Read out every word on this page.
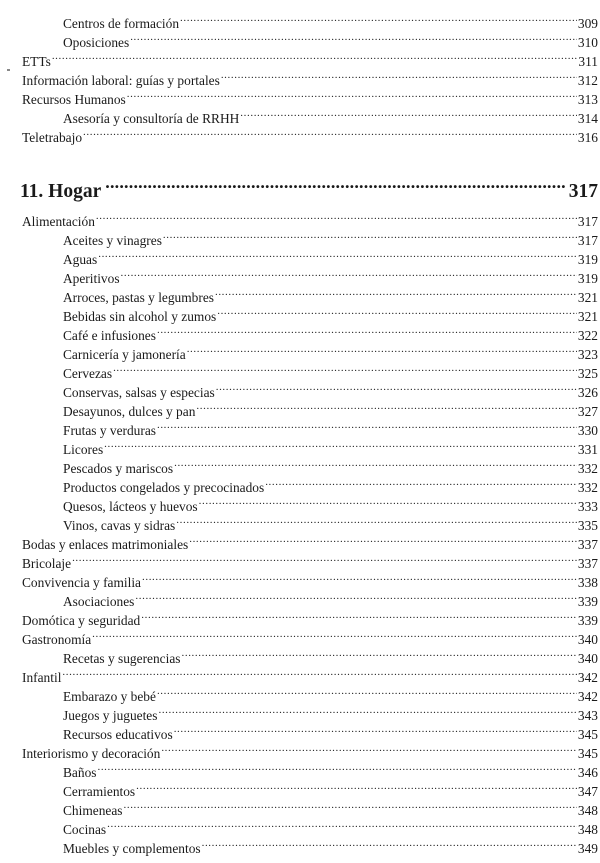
Centros de formación .....	309
Oposiciones .....	310
ETTs .....	311
Información laboral: guías y portales .....	312
Recursos Humanos .....	313
Asesoría y consultoría de RRHH .....	314
Teletrabajo .....	316
11. Hogar .....	317
Alimentación .....	317
Aceites y vinagres .....	317
Aguas .....	319
Aperitivos .....	319
Arroces, pastas y legumbres .....	321
Bebidas sin alcohol y zumos .....	321
Café e infusiones .....	322
Carnicería y jamonería .....	323
Cervezas .....	325
Conservas, salsas y especias .....	326
Desayunos, dulces y pan .....	327
Frutas y verduras .....	330
Licores .....	331
Pescados y mariscos .....	332
Productos congelados y precocinados .....	332
Quesos, lácteos y huevos .....	333
Vinos, cavas y sidras .....	335
Bodas y enlaces matrimoniales .....	337
Bricolaje .....	337
Convivencia y familia .....	338
Asociaciones .....	339
Domótica y seguridad .....	339
Gastronomía .....	340
Recetas y sugerencias .....	340
Infantil .....	342
Embarazo y bebé .....	342
Juegos y juguetes .....	343
Recursos educativos .....	345
Interiorismo y decoración .....	345
Baños .....	346
Cerramientos .....	347
Chimeneas .....	348
Cocinas .....	348
Muebles y complementos .....	349
